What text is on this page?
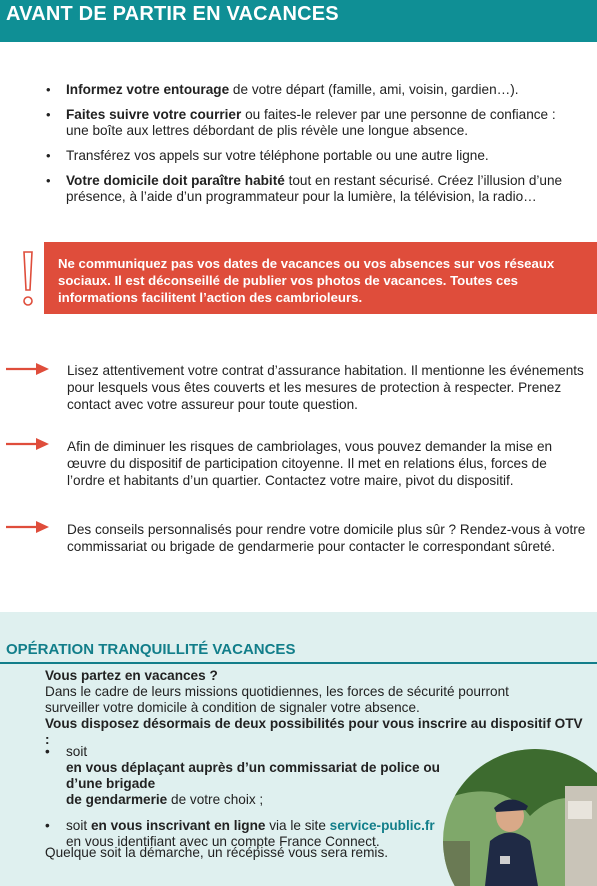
AVANT DE PARTIR EN VACANCES
• Informez votre entourage de votre départ (famille, ami, voisin, gardien…).
• Faites suivre votre courrier ou faites-le relever par une personne de confiance : une boîte aux lettres débordant de plis révèle une longue absence.
• Transférez vos appels sur votre téléphone portable ou une autre ligne.
• Votre domicile doit paraître habité tout en restant sécurisé. Créez l’illusion d’une présence, à l’aide d’un programmateur pour la lumière, la télévision, la radio…
Ne communiquez pas vos dates de vacances ou vos absences sur vos réseaux sociaux. Il est déconseillé de publier vos photos de vacances. Toutes ces informations facilitent l’action des cambrioleurs.
Lisez attentivement votre contrat d’assurance habitation. Il mentionne les événements pour lesquels vous êtes couverts et les mesures de protection à respecter. Prenez contact avec votre assureur pour toute question.
Afin de diminuer les risques de cambriolages, vous pouvez demander la mise en œuvre du dispositif de participation citoyenne. Il met en relations élus, forces de l’ordre et habitants d’un quartier. Contactez votre maire, pivot du dispositif.
Des conseils personnalisés pour rendre votre domicile plus sûr ? Rendez-vous à votre commissariat ou brigade de gendarmerie pour contacter le correspondant sûreté.
OPÉRATION TRANQUILLITÉ VACANCES
Vous partez en vacances ?
Dans le cadre de leurs missions quotidiennes, les forces de sécurité pourront surveiller votre domicile à condition de signaler votre absence.
Vous disposez désormais de deux possibilités pour vous inscrire au dispositif OTV :
• soit en vous déplaçant auprès d’un commissariat de police ou d’une brigade
de gendarmerie de votre choix ;
• soit en vous inscrivant en ligne via le site service-public.fr
en vous identifiant avec un compte France Connect.
Quelque soit la démarche, un récépissé vous sera remis.
